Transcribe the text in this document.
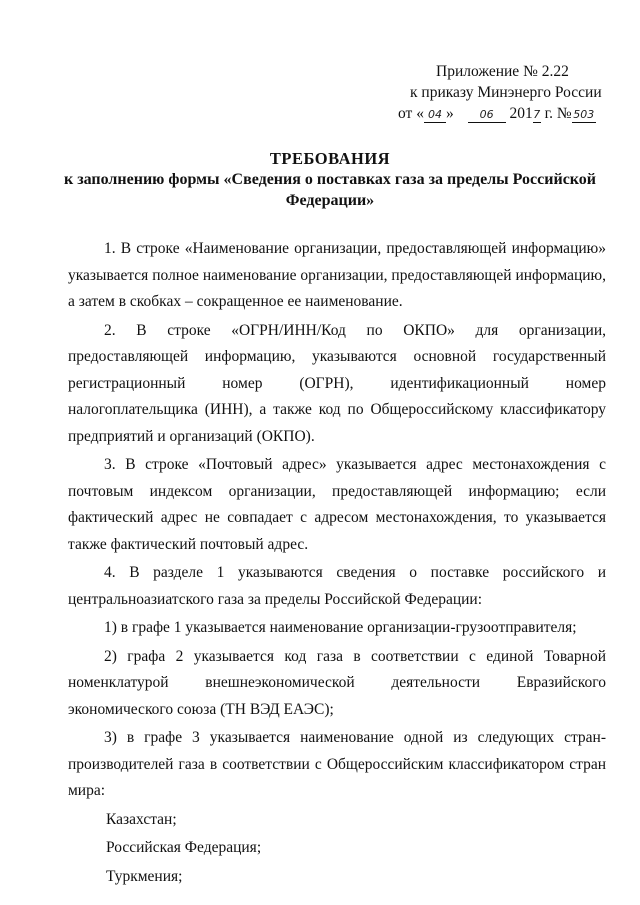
Приложение № 2.22
к приказу Минэнерго России
от « 04 » 06 2017 г. № 503
ТРЕБОВАНИЯ
к заполнению формы «Сведения о поставках газа за пределы Российской
Федерации»

1. В строке «Наименование организации, предоставляющей информацию» указывается полное наименование организации, предоставляющей информацию, а затем в скобках – сокращенное ее наименование.

2. В строке «ОГРН/ИНН/Код по ОКПО» для организации, предоставляющей информацию, указываются основной государственный регистрационный номер (ОГРН), идентификационный номер налогоплательщика (ИНН), а также код по Общероссийскому классификатору предприятий и организаций (ОКПО).

3. В строке «Почтовый адрес» указывается адрес местонахождения с почтовым индексом организации, предоставляющей информацию; если фактический адрес не совпадает с адресом местонахождения, то указывается также фактический почтовый адрес.

4. В разделе 1 указываются сведения о поставке российского и центральноазиатского газа за пределы Российской Федерации:

1) в графе 1 указывается наименование организации-грузоотправителя;

2) графа 2 указывается код газа в соответствии с единой Товарной номенклатурой внешнеэкономической деятельности Евразийского экономического союза (ТН ВЭД ЕАЭС);

3) в графе 3 указывается наименование одной из следующих стран-производителей газа в соответствии с Общероссийским классификатором стран мира:

Казахстан;
Российская Федерация;
Туркмения;
